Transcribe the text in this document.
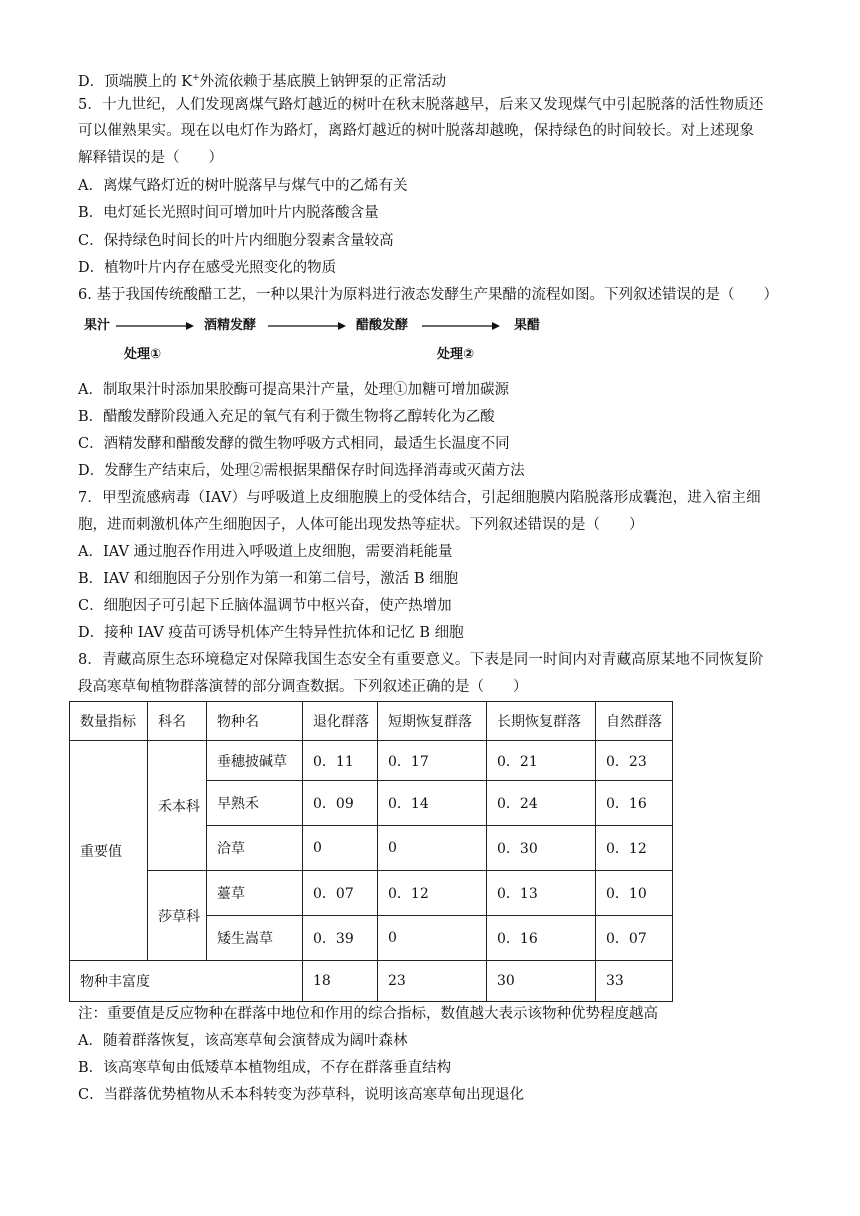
D．顶端膜上的 K+外流依赖于基底膜上钠钾泵的正常活动
5．十九世纪，人们发现离煤气路灯越近的树叶在秋末脱落越早，后来又发现煤气中引起脱落的活性物质还
可以催熟果实。现在以电灯作为路灯，离路灯越近的树叶脱落却越晚，保持绿色的时间较长。对上述现象
解释错误的是（　　）
A．离煤气路灯近的树叶脱落早与煤气中的乙烯有关
B．电灯延长光照时间可增加叶片内脱落酸含量
C．保持绿色时间长的叶片内细胞分裂素含量较高
D．植物叶片内存在感受光照变化的物质
6. 基于我国传统酸醋工艺，一种以果汁为原料进行液态发酵生产果醋的流程如图。下列叙述错误的是（　　）
果汁	酒精发酵	醋酸发酵	果醋
处理①	处理②
A．制取果汁时添加果胶酶可提高果汁产量，处理①加糖可增加碳源
B．醋酸发酵阶段通入充足的氧气有利于微生物将乙醇转化为乙酸
C．酒精发酵和醋酸发酵的微生物呼吸方式相同，最适生长温度不同
D．发酵生产结束后，处理②需根据果醋保存时间选择消毒或灭菌方法
7．甲型流感病毒（IAV）与呼吸道上皮细胞膜上的受体结合，引起细胞膜内陷脱落形成囊泡，进入宿主细
胞，进而刺激机体产生细胞因子，人体可能出现发热等症状。下列叙述错误的是（　　）
A．IAV 通过胞吞作用进入呼吸道上皮细胞，需要消耗能量
B．IAV 和细胞因子分别作为第一和第二信号，激活 B 细胞
C．细胞因子可引起下丘脑体温调节中枢兴奋，使产热增加
D．接种 IAV 疫苗可诱导机体产生特异性抗体和记忆 B 细胞
8．青藏高原生态环境稳定对保障我国生态安全有重要意义。下表是同一时间内对青藏高原某地不同恢复阶
段高寒草甸植物群落演替的部分调查数据。下列叙述正确的是（　　）
数量指标	科名	物种名	退化群落	短期恢复群落	长期恢复群落	自然群落
重要值	禾本科	垂穗披碱草	0．11	0．17	0．21	0．23
		早熟禾	0．09	0．14	0．24	0．16
		洽草	0	0	0．30	0．12
	莎草科	薹草	0．07	0．12	0．13	0．10
		矮生嵩草	0．39	0	0．16	0．07
物种丰富度			18	23	30	33
注：重要值是反应物种在群落中地位和作用的综合指标，数值越大表示该物种优势程度越高
A．随着群落恢复，该高寒草甸会演替成为阔叶森林
B．该高寒草甸由低矮草本植物组成，不存在群落垂直结构
C．当群落优势植物从禾本科转变为莎草科，说明该高寒草甸出现退化
